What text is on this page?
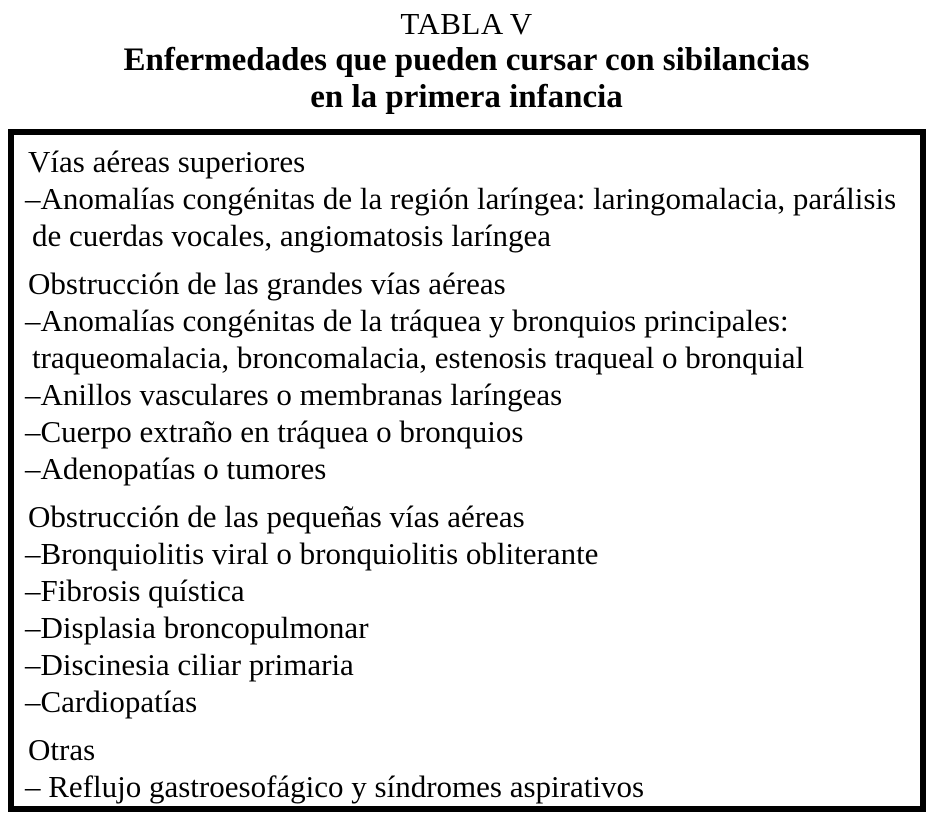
TABLA V
Enfermedades que pueden cursar con sibilancias
en la primera infancia

Vías aéreas superiores

–Anomalías congénitas de la región laríngea: laringomalacia, parálisis de cuerdas vocales, angiomatosis laríngea

Obstrucción de las grandes vías aéreas

–Anomalías congénitas de la tráquea y bronquios principales: traqueomalacia, broncomalacia, estenosis traqueal o bronquial

–Anillos vasculares o membranas laríngeas

–Cuerpo extraño en tráquea o bronquios

–Adenopatías o tumores

Obstrucción de las pequeñas vías aéreas

–Bronquiolitis viral o bronquiolitis obliterante

–Fibrosis quística

–Displasia broncopulmonar

–Discinesia ciliar primaria

–Cardiopatías

Otras

– Reflujo gastroesofágico y síndromes aspirativos
